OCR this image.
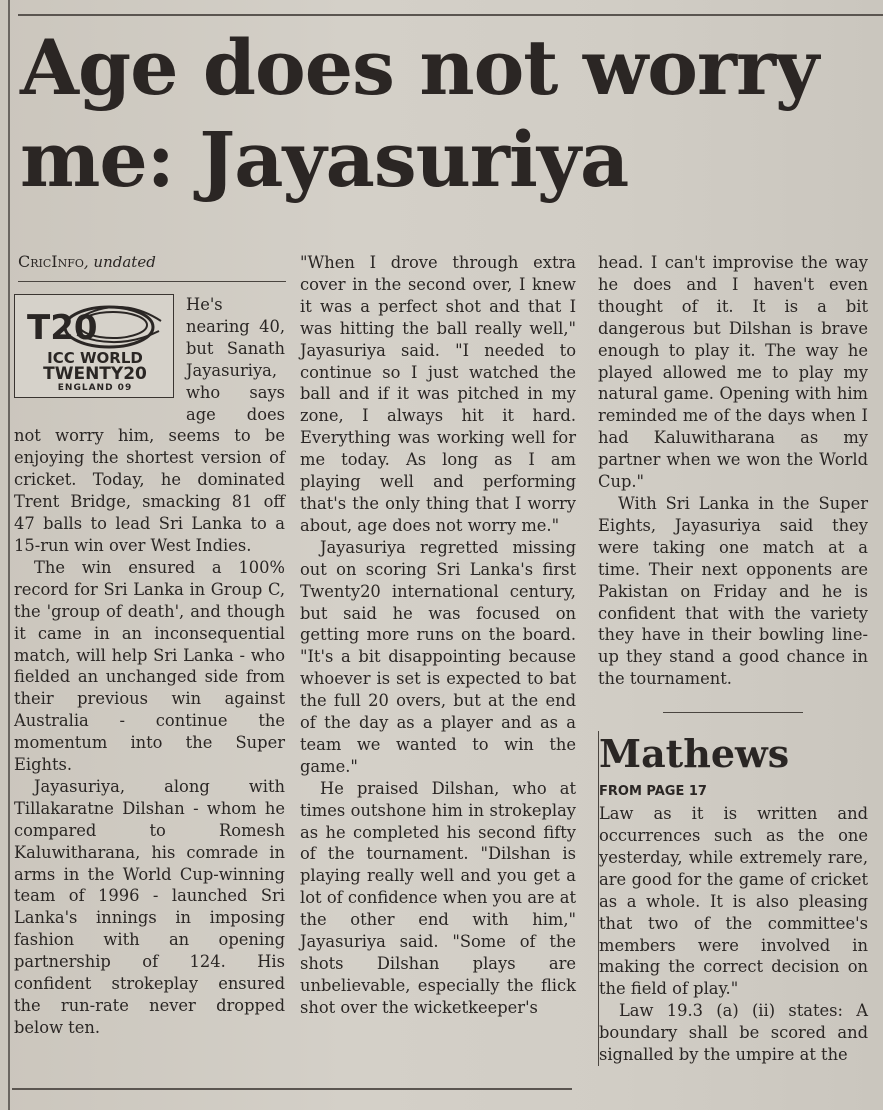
Age does not worry me: Jayasuriya
CricInfo, undated
T20
ICC WORLD
TWENTY20
ENGLAND 09

He's nearing 40, but Sanath Jayasuriya, who says age does not worry him, seems to be enjoying the shortest version of cricket. Today, he dominated Trent Bridge, smacking 81 off 47 balls to lead Sri Lanka to a 15-run win over West Indies.

The win ensured a 100% record for Sri Lanka in Group C, the 'group of death', and though it came in an inconsequential match, will help Sri Lanka - who fielded an unchanged side from their previous win against Australia - continue the momentum into the Super Eights.

Jayasuriya, along with Tillakaratne Dilshan - whom he compared to Romesh Kaluwitharana, his comrade in arms in the World Cup-winning team of 1996 - launched Sri Lanka's innings in imposing fashion with an opening partnership of 124. His confident strokeplay ensured the run-rate never dropped below ten.

"When I drove through extra cover in the second over, I knew it was a perfect shot and that I was hitting the ball really well," Jayasuriya said. "I needed to continue so I just watched the ball and if it was pitched in my zone, I always hit it hard. Everything was working well for me today. As long as I am playing well and performing that's the only thing that I worry about, age does not worry me."

Jayasuriya regretted missing out on scoring Sri Lanka's first Twenty20 international century, but said he was focused on getting more runs on the board. "It's a bit disappointing because whoever is set is expected to bat the full 20 overs, but at the end of the day as a player and as a team we wanted to win the game."

He praised Dilshan, who at times outshone him in strokeplay as he completed his second fifty of the tournament. "Dilshan is playing really well and you get a lot of confidence when you are at the other end with him," Jayasuriya said. "Some of the shots Dilshan plays are unbelievable, especially the flick shot over the wicketkeeper's

head. I can't improvise the way he does and I haven't even thought of it. It is a bit dangerous but Dilshan is brave enough to play it. The way he played allowed me to play my natural game. Opening with him reminded me of the days when I had Kaluwitharana as my partner when we won the World Cup."

With Sri Lanka in the Super Eights, Jayasuriya said they were taking one match at a time. Their next opponents are Pakistan on Friday and he is confident that with the variety they have in their bowling line-up they stand a good chance in the tournament.

Mathews
FROM PAGE 17

Law as it is written and occurrences such as the one yesterday, while extremely rare, are good for the game of cricket as a whole. It is also pleasing that two of the committee's members were involved in making the correct decision on the field of play."

Law 19.3 (a) (ii) states: A boundary shall be scored and signalled by the umpire at the
